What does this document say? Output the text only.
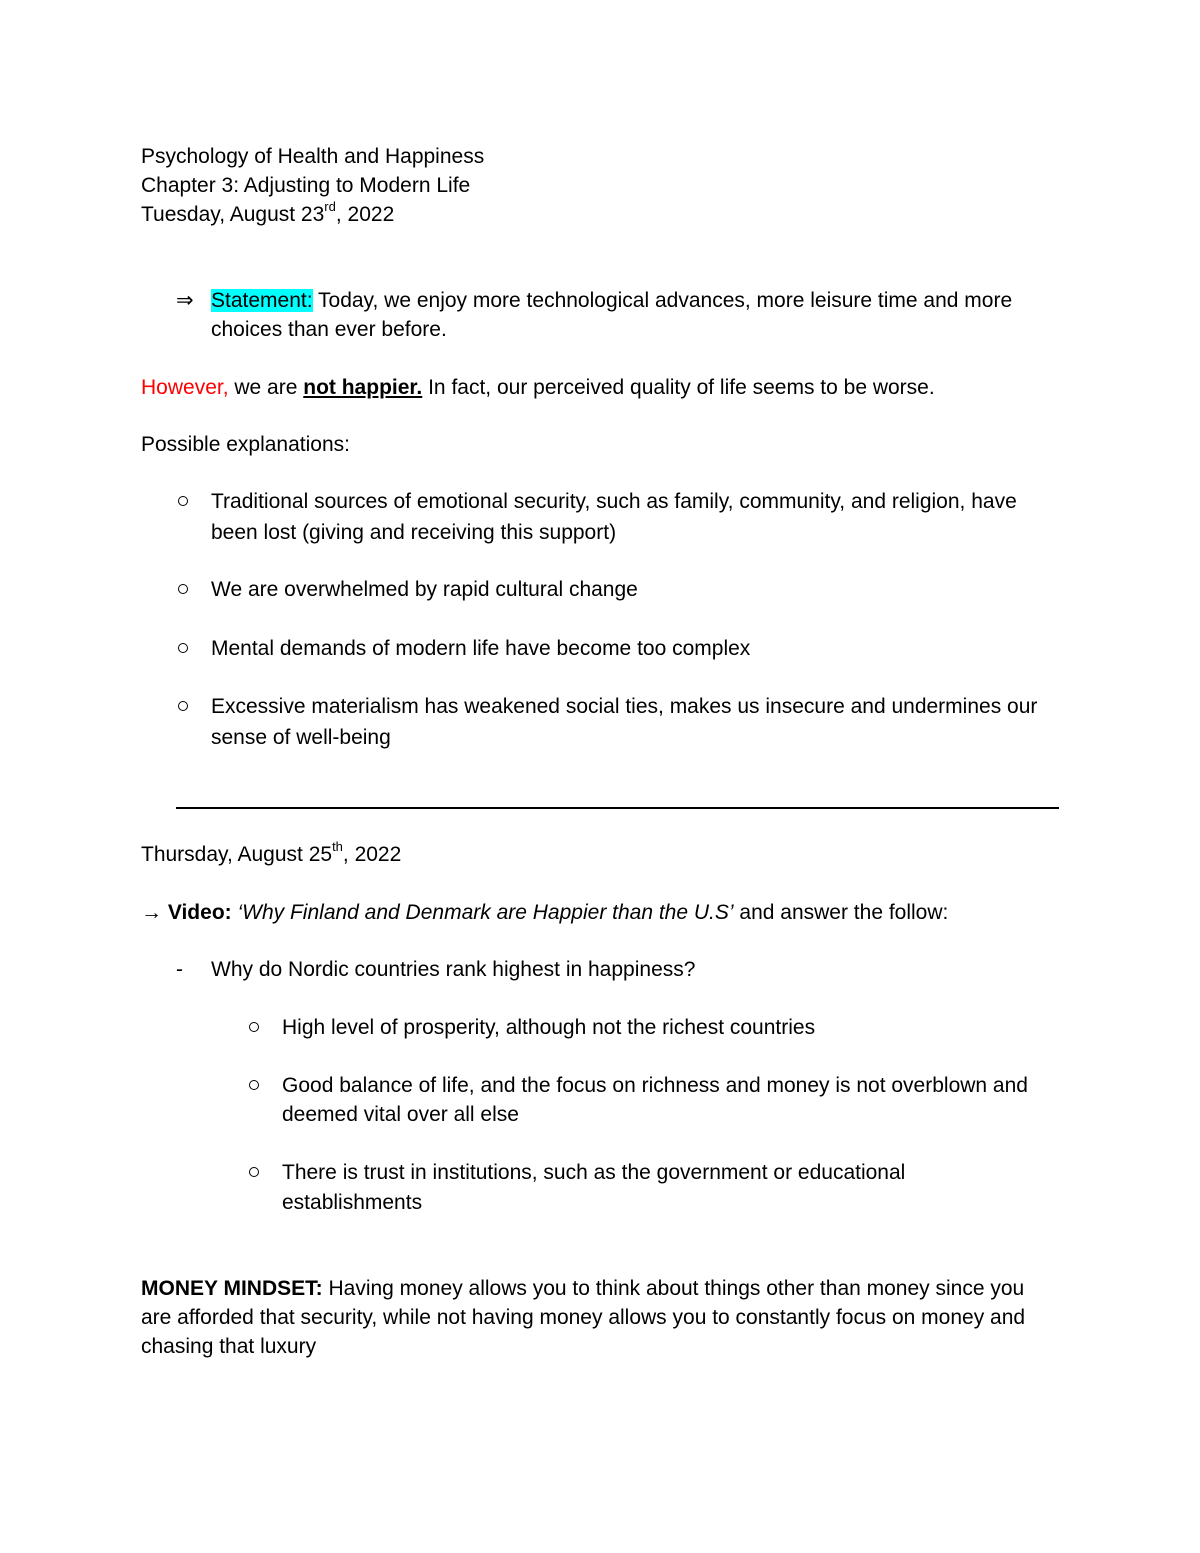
Psychology of Health and Happiness
Chapter 3: Adjusting to Modern Life
Tuesday, August 23rd, 2022
⇒ Statement: Today, we enjoy more technological advances, more leisure time and more
choices than ever before.
However, we are not happier. In fact, our perceived quality of life seems to be worse.
Possible explanations:
Traditional sources of emotional security, such as family, community, and religion, have
been lost (giving and receiving this support)
We are overwhelmed by rapid cultural change
Mental demands of modern life have become too complex
Excessive materialism has weakened social ties, makes us insecure and undermines our
sense of well-being
Thursday, August 25th, 2022
→ Video: ‘Why Finland and Denmark are Happier than the U.S’ and answer the follow:
- Why do Nordic countries rank highest in happiness?
High level of prosperity, although not the richest countries
Good balance of life, and the focus on richness and money is not overblown and
deemed vital over all else
There is trust in institutions, such as the government or educational
establishments
MONEY MINDSET: Having money allows you to think about things other than money since you
are afforded that security, while not having money allows you to constantly focus on money and
chasing that luxury
